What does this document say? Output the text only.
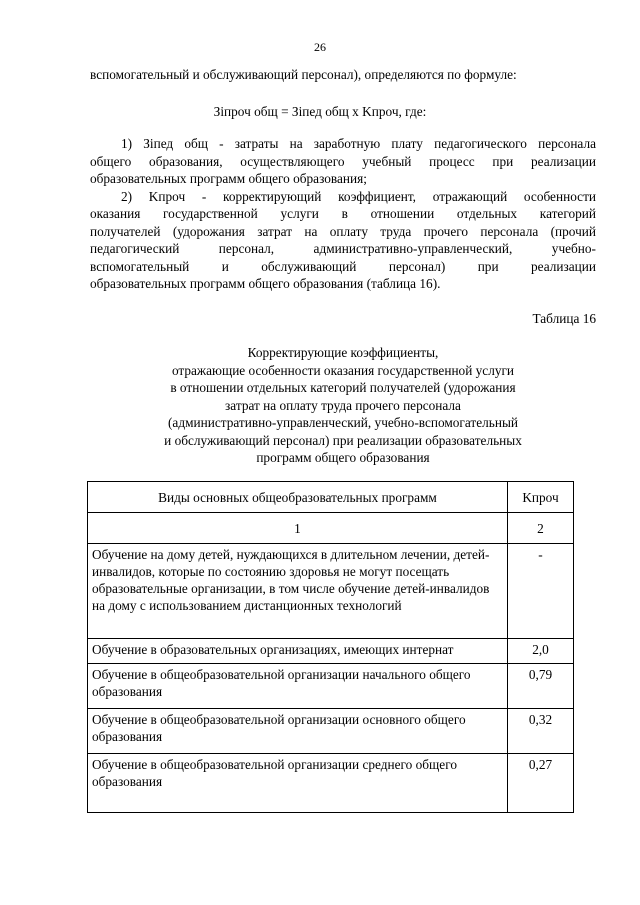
26
вспомогательный и обслуживающий персонал), определяются по формуле:
Зiпроч общ = Зiпед общ x Kпроч, где:
1) Зiпед общ - затраты на заработную плату педагогического персонала
общего образования, осуществляющего учебный процесс при реализации
образовательных программ общего образования;
2) Kпроч - корректирующий коэффициент, отражающий особенности
оказания государственной услуги в отношении отдельных категорий
получателей (удорожания затрат на оплату труда прочего персонала (прочий
педагогический персонал, административно-управленческий, учебно-
вспомогательный и обслуживающий персонал) при реализации
образовательных программ общего образования (таблица 16).
Таблица 16
Корректирующие коэффициенты,
отражающие особенности оказания государственной услуги
в отношении отдельных категорий получателей (удорожания
затрат на оплату труда прочего персонала
(административно-управленческий, учебно-вспомогательный
и обслуживающий персонал) при реализации образовательных
программ общего образования
Виды основных общеобразовательных программ	Kпроч
1	2
Обучение на дому детей, нуждающихся в длительном лечении, детей-инвалидов, которые по состоянию здоровья не могут посещать образовательные организации, в том числе обучение детей-инвалидов на дому с использованием дистанционных технологий	-
Обучение в образовательных организациях, имеющих интернат	2,0
Обучение в общеобразовательной организации начального общего образования	0,79
Обучение в общеобразовательной организации основного общего образования	0,32
Обучение в общеобразовательной организации среднего общего образования	0,27
